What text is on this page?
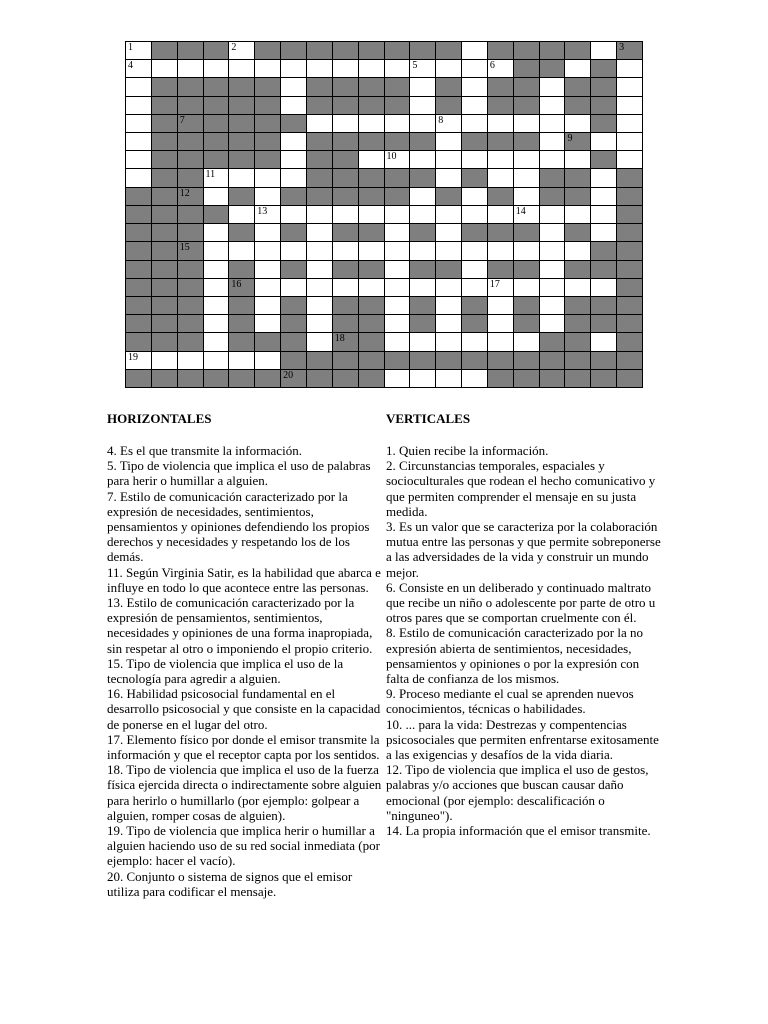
1	2	3
4	5	6
7	8
9
10
11
12
13	14
15
16	17
18
19
20
HORIZONTALES	VERTICALES

4. Es el que transmite la información.

5. Tipo de violencia que implica el uso de palabras para herir o humillar a alguien.

7. Estilo de comunicación caracterizado por la expresión de necesidades, sentimientos, pensamientos y opiniones defendiendo los propios derechos y necesidades y respetando los de los demás.

11. Según Virginia Satir, es la habilidad que abarca e influye en todo lo que acontece entre las personas.

13. Estilo de comunicación caracterizado por la expresión de pensamientos, sentimientos, necesidades y opiniones de una forma inapropiada, sin respetar al otro o imponiendo el propio criterio.

15. Tipo de violencia que implica el uso de la tecnología para agredir a alguien.

16. Habilidad psicosocial fundamental en el desarrollo psicosocial y que consiste en la capacidad de ponerse en el lugar del otro.

17. Elemento físico por donde el emisor transmite la información y que el receptor capta por los sentidos.

18. Tipo de violencia que implica el uso de la fuerza física ejercida directa o indirectamente sobre alguien para herirlo o humillarlo (por ejemplo: golpear a alguien, romper cosas de alguien).

19. Tipo de violencia que implica herir o humillar a alguien haciendo uso de su red social inmediata (por ejemplo: hacer el vacío).

20. Conjunto o sistema de signos que el emisor utiliza para codificar el mensaje.

1. Quien recibe la información.

2. Circunstancias temporales, espaciales y socioculturales que rodean el hecho comunicativo y que permiten comprender el mensaje en su justa medida.

3. Es un valor que se caracteriza por la colaboración mutua entre las personas y que permite sobreponerse a las adversidades de la vida y construir un mundo mejor.

6. Consiste en un deliberado y continuado maltrato que recibe un niño o adolescente por parte de otro u otros pares que se comportan cruelmente con él.

8. Estilo de comunicación caracterizado por la no expresión abierta de sentimientos, necesidades, pensamientos y opiniones o por la expresión con falta de confianza de los mismos.

9. Proceso mediante el cual se aprenden nuevos conocimientos, técnicas o habilidades.

10. ... para la vida: Destrezas y compentencias psicosociales que permiten enfrentarse exitosamente a las exigencias y desafíos de la vida diaria.

12. Tipo de violencia que implica el uso de gestos, palabras y/o acciones que buscan causar daño emocional (por ejemplo: descalificación o "ninguneo").

14. La propia información que el emisor transmite.
